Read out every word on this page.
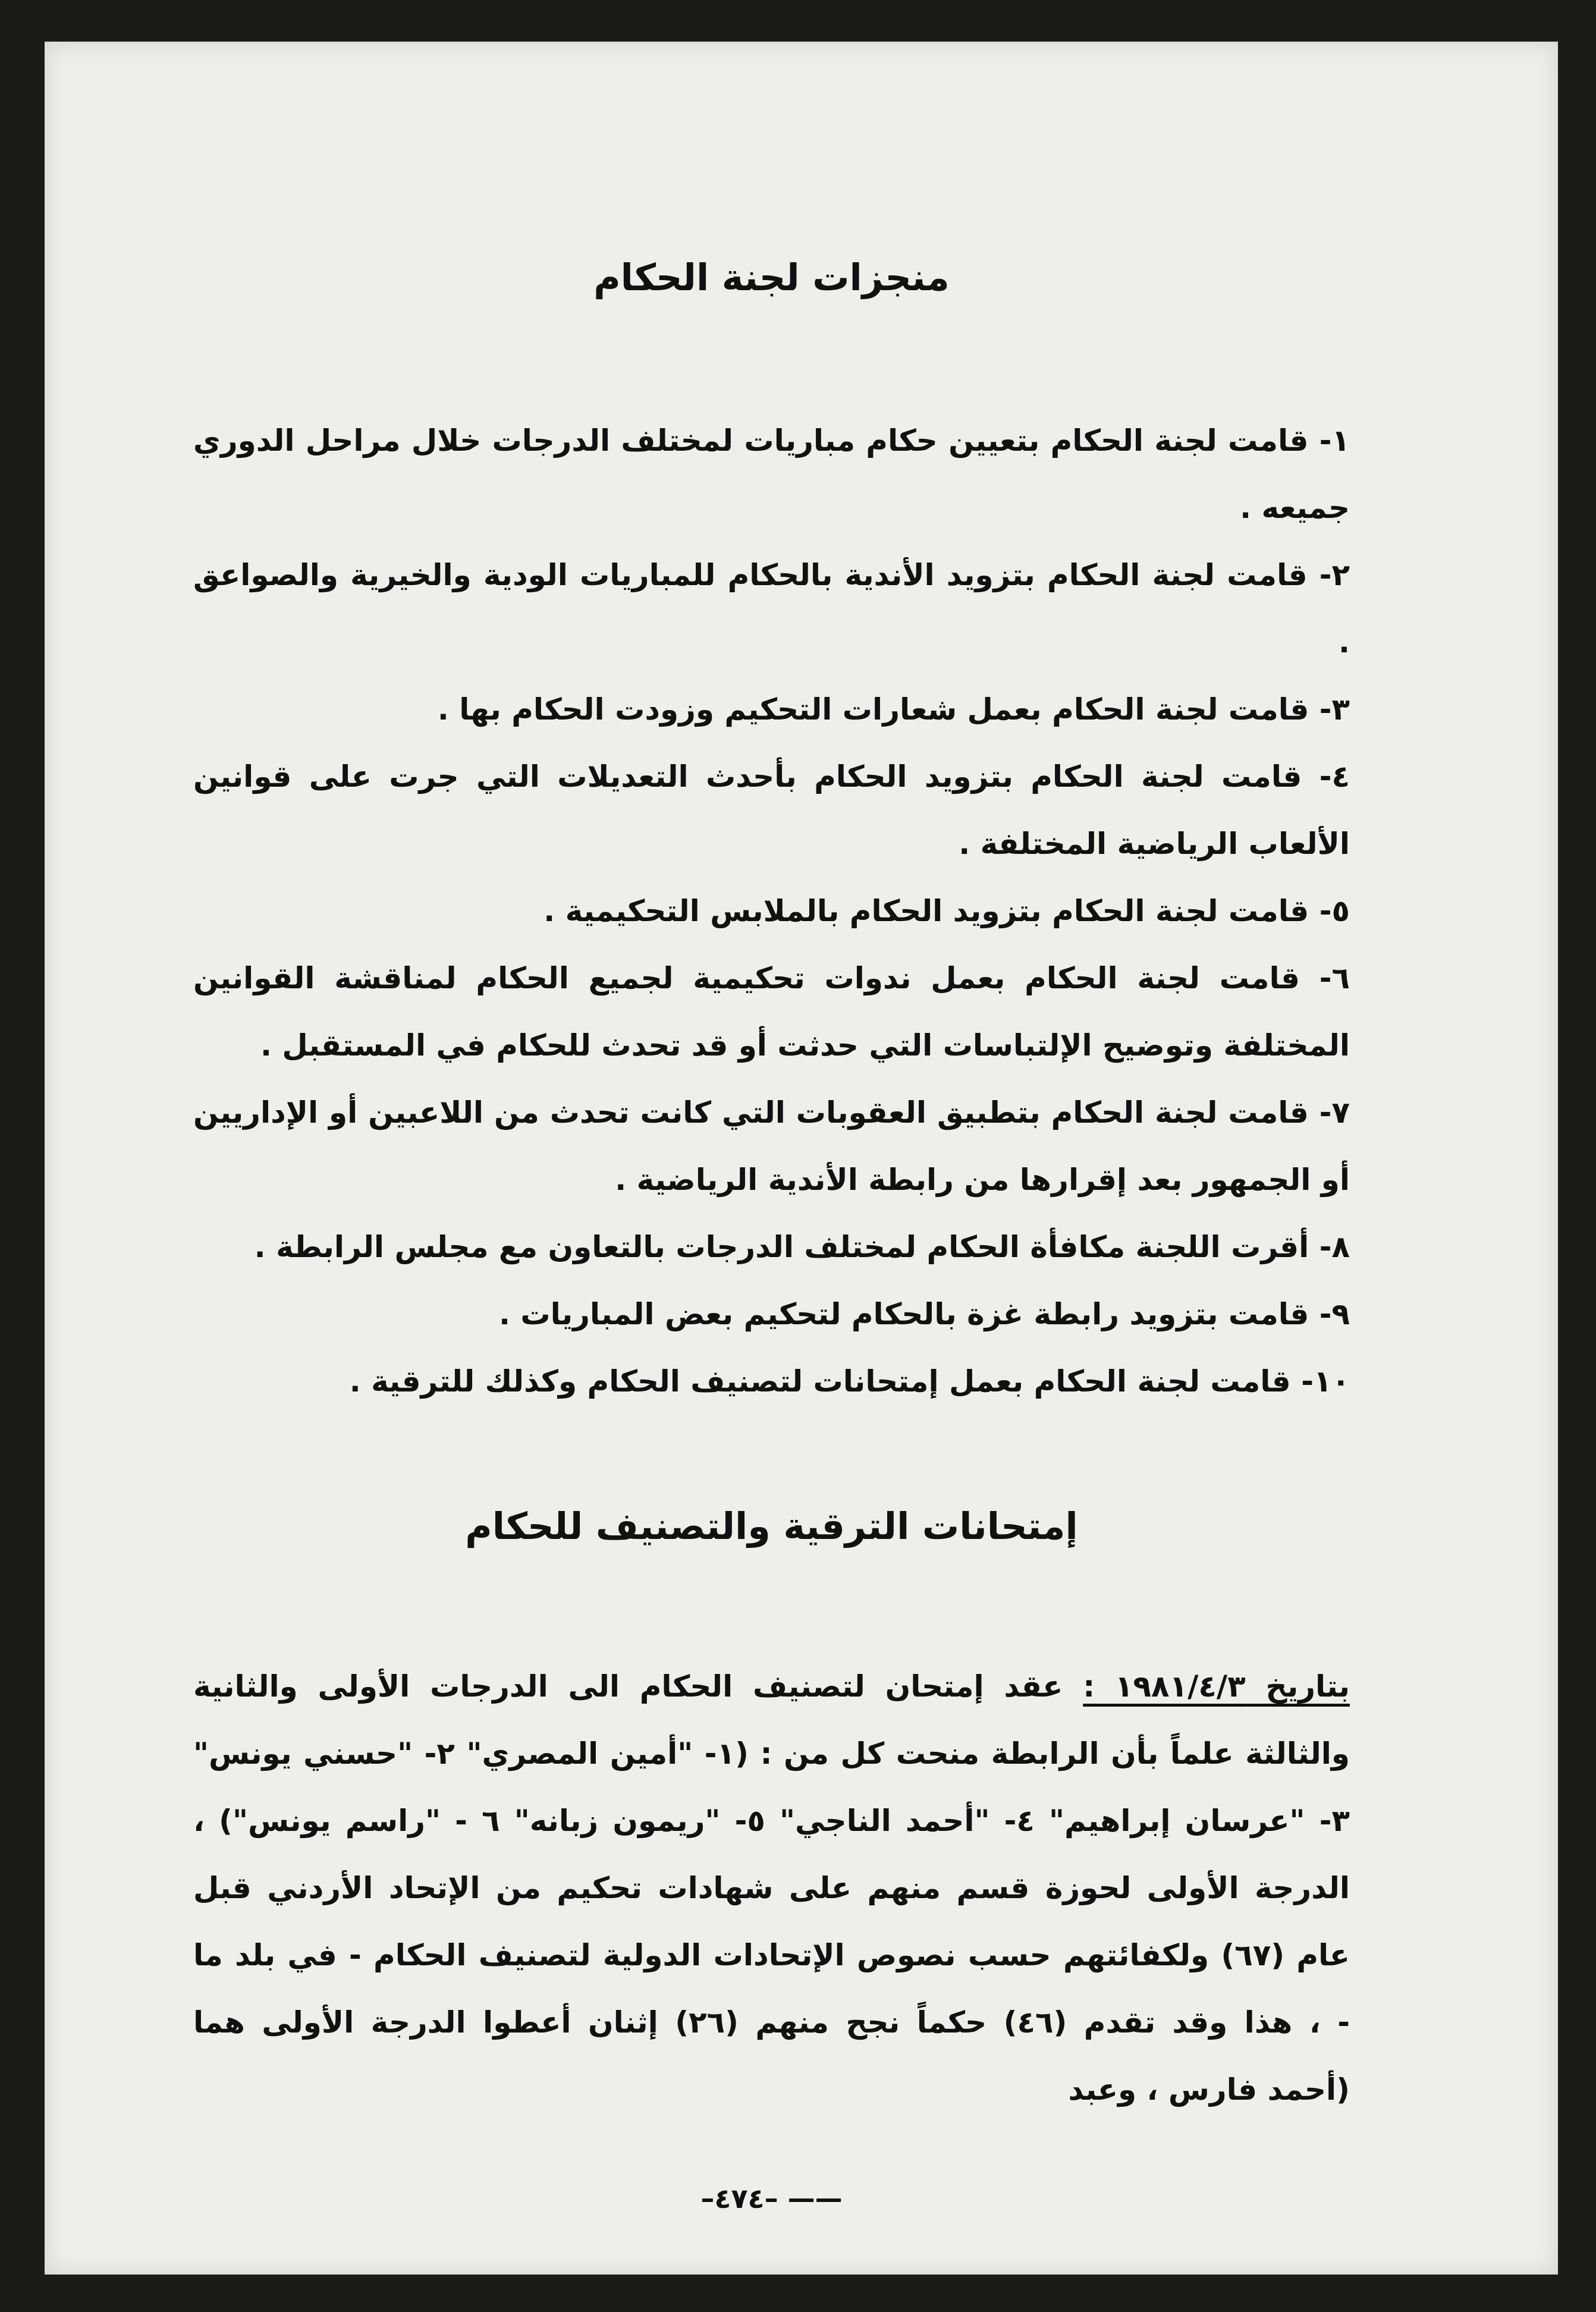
منجزات لجنة الحكام
١- قامت لجنة الحكام بتعيين حكام مباريات لمختلف الدرجات خلال مراحل الدوري جميعه .
٢- قامت لجنة الحكام بتزويد الأندية بالحكام للمباريات الودية والخيرية والصواعق .
٣- قامت لجنة الحكام بعمل شعارات التحكيم وزودت الحكام بها .
٤- قامت لجنة الحكام بتزويد الحكام بأحدث التعديلات التي جرت على قوانين الألعاب الرياضية المختلفة .
٥- قامت لجنة الحكام بتزويد الحكام بالملابس التحكيمية .
٦- قامت لجنة الحكام بعمل ندوات تحكيمية لجميع الحكام لمناقشة القوانين المختلفة وتوضيح الإلتباسات التي حدثت أو قد تحدث للحكام في المستقبل .
٧- قامت لجنة الحكام بتطبيق العقوبات التي كانت تحدث من اللاعبين أو الإداريين أو الجمهور بعد إقرارها من رابطة الأندية الرياضية .
٨- أقرت اللجنة مكافأة الحكام لمختلف الدرجات بالتعاون مع مجلس الرابطة .
٩- قامت بتزويد رابطة غزة بالحكام لتحكيم بعض المباريات .
١٠- قامت لجنة الحكام بعمل إمتحانات لتصنيف الحكام وكذلك للترقية .
إمتحانات الترقية والتصنيف للحكام

بتاريخ ١٩٨١/٤/٣ : عقد إمتحان لتصنيف الحكام الى الدرجات الأولى والثانية والثالثة علماً بأن الرابطة منحت كل من : (١- "أمين المصري" ٢- "حسني يونس" ٣- "عرسان إبراهيم" ٤- "أحمد الناجي" ٥- "ريمون زبانه" ٦ - "راسم يونس") ، الدرجة الأولى لحوزة قسم منهم على شهادات تحكيم من الإتحاد الأردني قبل عام (٦٧) ولكفائتهم حسب نصوص الإتحادات الدولية لتصنيف الحكام - في بلد ما - ، هذا وقد تقدم (٤٦) حكماً نجح منهم (٢٦) إثنان أعطوا الدرجة الأولى هما (أحمد فارس ، وعبد

–٤٧٤– ——
